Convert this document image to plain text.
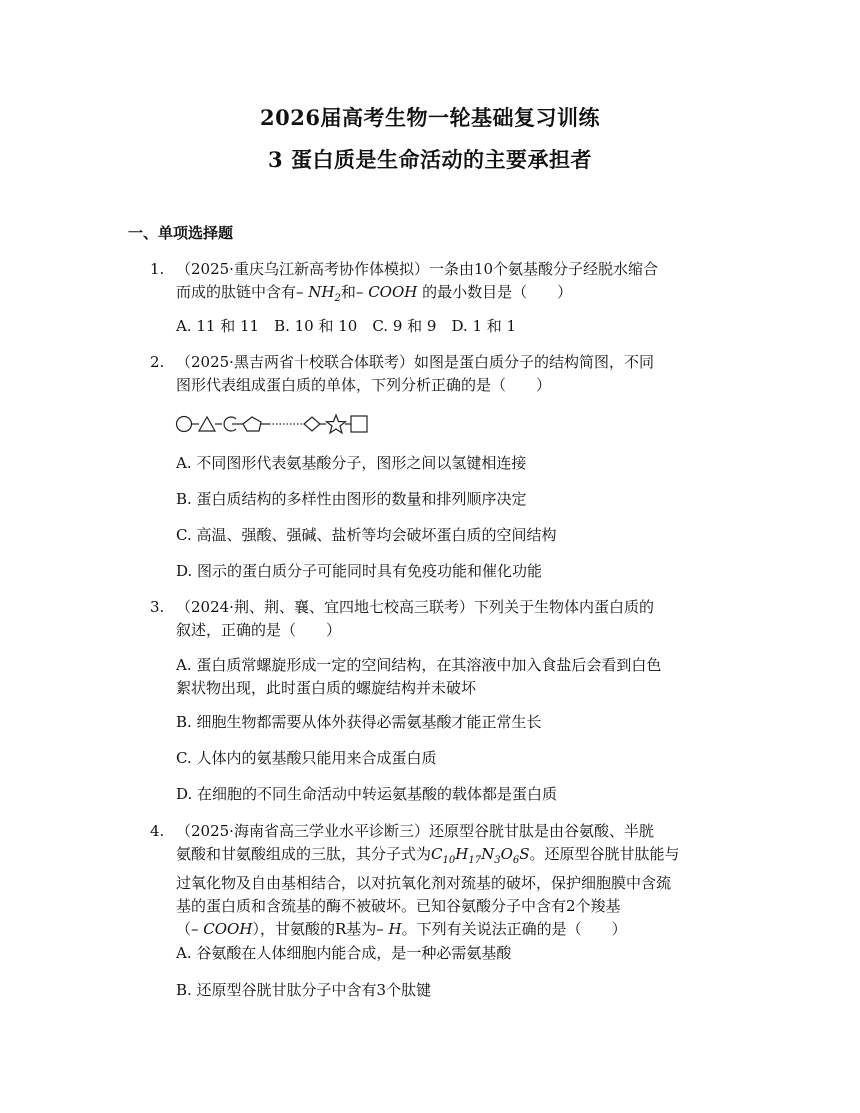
2026届高考生物一轮基础复习训练
3 蛋白质是生命活动的主要承担者
一、单项选择题
1. （2025·重庆乌江新高考协作体模拟）一条由10个氨基酸分子经脱水缩合
而成的肽链中含有– $NH_2$和– COOH 的最小数目是（　　）
A. 11 和 11　B. 10 和 10　C. 9 和 9　D. 1 和 1
2. （2025·黑吉两省十校联合体联考）如图是蛋白质分子的结构简图，不同
图形代表组成蛋白质的单体，下列分析正确的是（　　）
A. 不同图形代表氨基酸分子，图形之间以氢键相连接
B. 蛋白质结构的多样性由图形的数量和排列顺序决定
C. 高温、强酸、强碱、盐析等均会破坏蛋白质的空间结构
D. 图示的蛋白质分子可能同时具有免疫功能和催化功能
3. （2024·荆、荆、襄、宜四地七校高三联考）下列关于生物体内蛋白质的
叙述，正确的是（　　）
A. 蛋白质常螺旋形成一定的空间结构，在其溶液中加入食盐后会看到白色
絮状物出现，此时蛋白质的螺旋结构并未破坏
B. 细胞生物都需要从体外获得必需氨基酸才能正常生长
C. 人体内的氨基酸只能用来合成蛋白质
D. 在细胞的不同生命活动中转运氨基酸的载体都是蛋白质
4. （2025·海南省高三学业水平诊断三）还原型谷胱甘肽是由谷氨酸、半胱
氨酸和甘氨酸组成的三肽，其分子式为$C_{10}H_{17}N_3O_6S$。还原型谷胱甘肽能与
过氧化物及自由基相结合，以对抗氧化剂对巯基的破坏，保护细胞膜中含巯
基的蛋白质和含巯基的酶不被破坏。已知谷氨酸分子中含有2个羧基
（– COOH），甘氨酸的R基为– H。下列有关说法正确的是（　　）
A. 谷氨酸在人体细胞内能合成，是一种必需氨基酸
B. 还原型谷胱甘肽分子中含有3个肽键
